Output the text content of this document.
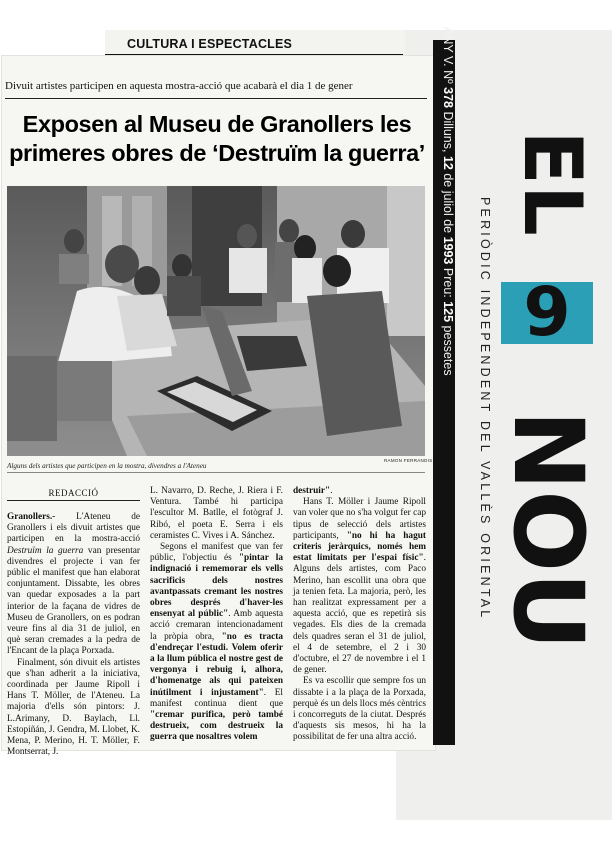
CULTURA I ESPECTACLES
Divuit artistes participen en aquesta mostra-acció que acabarà el dia 1 de gener
Exposen al Museu de Granollers les
primeres obres de ‘Destruïm la guerra’
RAMON FERRANDIS
Alguns dels artistes que participen en la mostra, divendres a l'Ateneu
REDACCIÓ

Granollers.- L'Ateneu de Granollers i els divuit artistes que participen en la mostra-acció Destruïm la guerra van presentar divendres el projecte i van fer públic el manifest que han elaborat conjuntament. Dissabte, les obres van quedar exposades a la part interior de la façana de vidres de Museu de Granollers, on es podran veure fins al dia 31 de juliol, en què seran cremades a la pedra de l'Encant de la plaça Porxada.

Finalment, són divuit els artistes que s'han adherit a la iniciativa, coordinada per Jaume Ripoll i Hans T. Möller, de l'Ateneu. La majoria d'ells són pintors: J. L.Arimany, D. Baylach, Ll. Estopiñán, J. Gendra, M. Llobet, K. Mena, P. Merino, H. T. Möller, F. Montserrat, J.

L. Navarro, D. Reche, J. Riera i F. Ventura. També hi participa l'escultor M. Batlle, el fotògraf J. Ribó, el poeta E. Serra i els ceramistes C. Vives i A. Sánchez.

Segons el manifest que van fer públic, l'objectiu és "pintar la indignació i rememorar els vells sacrificis dels nostres avantpassats cremant les nostres obres després d'haver-les ensenyat al públic". Amb aquesta acció cremaran intencionadament la pròpia obra, "no es tracta d'endreçar l'estudi. Volem oferir a la llum pública el nostre gest de vergonya i rebuig i, alhora, d'homenatge als qui pateixen inútilment i injustament". El manifest continua dient que "cremar purifica, però també destrueix, com destrueix la guerra que nosaltres volem

destruir".

Hans T. Möller i Jaume Ripoll van voler que no s'ha volgut fer cap tipus de selecció dels artistes participants, "no hi ha hagut criteris jeràrquics, només hem estat limitats per l'espai físic". Alguns dels artistes, com Paco Merino, han escollit una obra que ja tenien feta. La majoria, però, les han realitzat expressament per a aquesta acció, que es repetirà sis vegades. Els dies de la cremada dels quadres seran el 31 de juliol, el 4 de setembre, el 2 i 30 d'octubre, el 27 de novembre i el 1 de gener.

Es va escollir que sempre fos un dissabte i a la plaça de la Porxada, perquè és un dels llocs més cèntrics i concorreguts de la ciutat. Després d'aquests sis mesos, hi ha la possibilitat de fer una altra acció.

ANY V. Nº 378 Dilluns, 12 de juliol de 1993 Preu: 125 pessetes PERIÒDIC INDEPENDENT DEL VALLÈS ORIENTAL
EL
9
NOU
